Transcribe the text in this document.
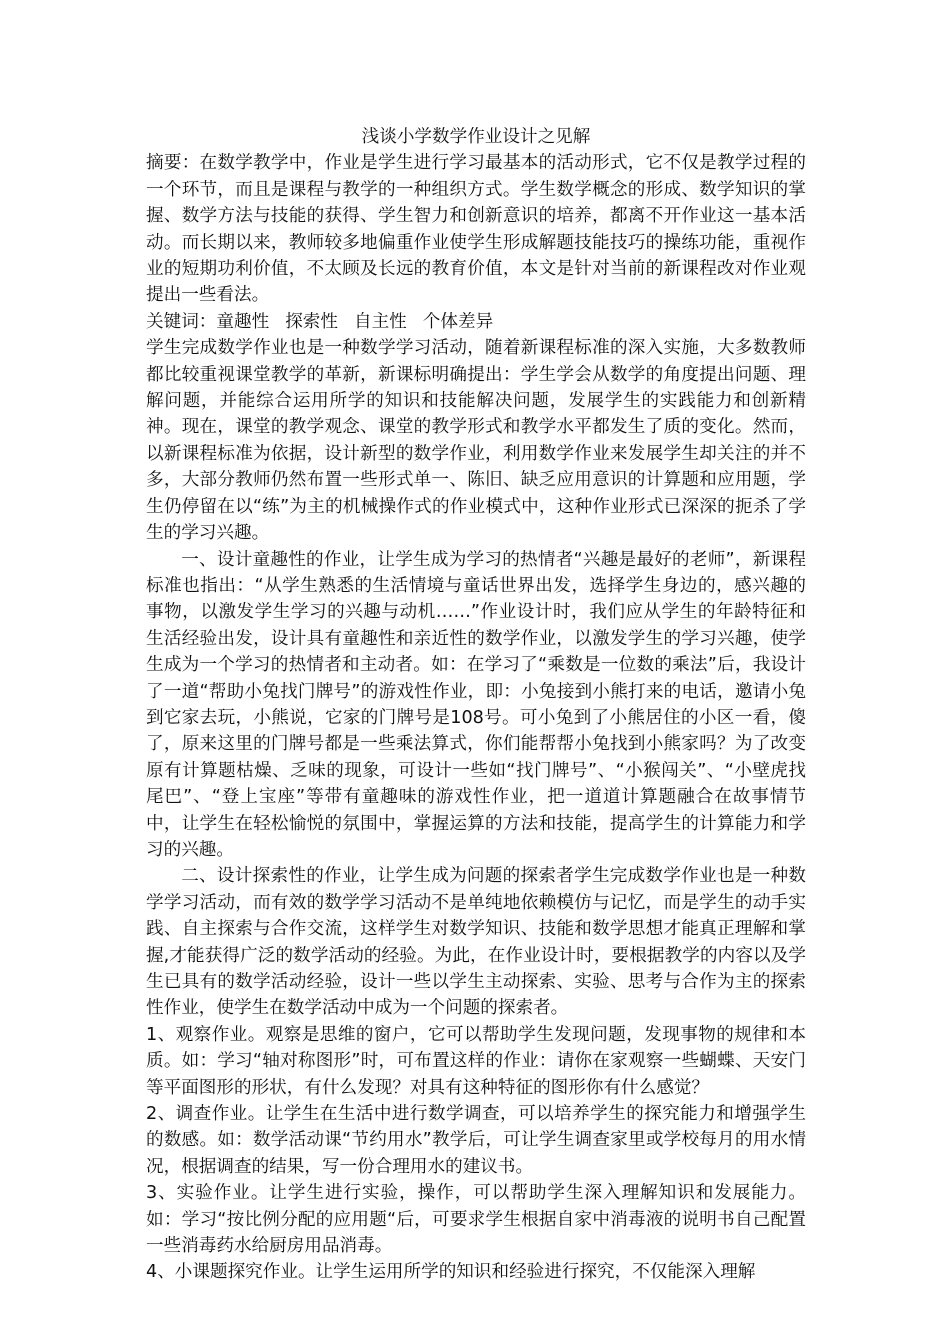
浅谈小学数学作业设计之见解

摘要：在数学教学中，作业是学生进行学习最基本的活动形式，它不仅是教学过程的一个环节，而且是课程与教学的一种组织方式。学生数学概念的形成、数学知识的掌握、数学方法与技能的获得、学生智力和创新意识的培养，都离不开作业这一基本活动。而长期以来，教师较多地偏重作业使学生形成解题技能技巧的操练功能，重视作业的短期功利价值，不太顾及长远的教育价值，本文是针对当前的新课程改对作业观提出一些看法。

关键词：童趣性 探索性 自主性 个体差异

学生完成数学作业也是一种数学学习活动，随着新课程标准的深入实施，大多数教师都比较重视课堂教学的革新，新课标明确提出：学生学会从数学的角度提出问题、理解问题，并能综合运用所学的知识和技能解决问题，发展学生的实践能力和创新精神。现在，课堂的教学观念、课堂的教学形式和教学水平都发生了质的变化。然而，以新课程标准为依据，设计新型的数学作业，利用数学作业来发展学生却关注的并不多，大部分教师仍然布置一些形式单一、陈旧、缺乏应用意识的计算题和应用题，学生仍停留在以“练”为主的机械操作式的作业模式中，这种作业形式已深深的扼杀了学生的学习兴趣。

一、设计童趣性的作业，让学生成为学习的热情者“兴趣是最好的老师”，新课程标准也指出：“从学生熟悉的生活情境与童话世界出发，选择学生身边的，感兴趣的事物，以激发学生学习的兴趣与动机……”作业设计时，我们应从学生的年龄特征和生活经验出发，设计具有童趣性和亲近性的数学作业，以激发学生的学习兴趣，使学生成为一个学习的热情者和主动者。如：在学习了“乘数是一位数的乘法”后，我设计了一道“帮助小兔找门牌号”的游戏性作业，即：小兔接到小熊打来的电话，邀请小兔到它家去玩，小熊说，它家的门牌号是108号。可小兔到了小熊居住的小区一看，傻了，原来这里的门牌号都是一些乘法算式，你们能帮帮小兔找到小熊家吗？为了改变原有计算题枯燥、乏味的现象，可设计一些如“找门牌号”、“小猴闯关”、“小壁虎找尾巴”、“登上宝座”等带有童趣味的游戏性作业，把一道道计算题融合在故事情节中，让学生在轻松愉悦的氛围中，掌握运算的方法和技能，提高学生的计算能力和学习的兴趣。

二、设计探索性的作业，让学生成为问题的探索者学生完成数学作业也是一种数学学习活动，而有效的数学学习活动不是单纯地依赖模仿与记忆，而是学生的动手实践、自主探索与合作交流，这样学生对数学知识、技能和数学思想才能真正理解和掌握,才能获得广泛的数学活动的经验。为此，在作业设计时，要根据教学的内容以及学生已具有的数学活动经验，设计一些以学生主动探索、实验、思考与合作为主的探索性作业，使学生在数学活动中成为一个问题的探索者。

1、观察作业。观察是思维的窗户，它可以帮助学生发现问题，发现事物的规律和本质。如：学习“轴对称图形”时，可布置这样的作业：请你在家观察一些蝴蝶、天安门等平面图形的形状，有什么发现？对具有这种特征的图形你有什么感觉？

2、调查作业。让学生在生活中进行数学调查，可以培养学生的探究能力和增强学生的数感。如：数学活动课“节约用水”教学后，可让学生调查家里或学校每月的用水情况，根据调查的结果，写一份合理用水的建议书。

3、实验作业。让学生进行实验，操作，可以帮助学生深入理解知识和发展能力。如：学习“按比例分配的应用题“后，可要求学生根据自家中消毒液的说明书自己配置一些消毒药水给厨房用品消毒。

4、小课题探究作业。让学生运用所学的知识和经验进行探究，不仅能深入理解
